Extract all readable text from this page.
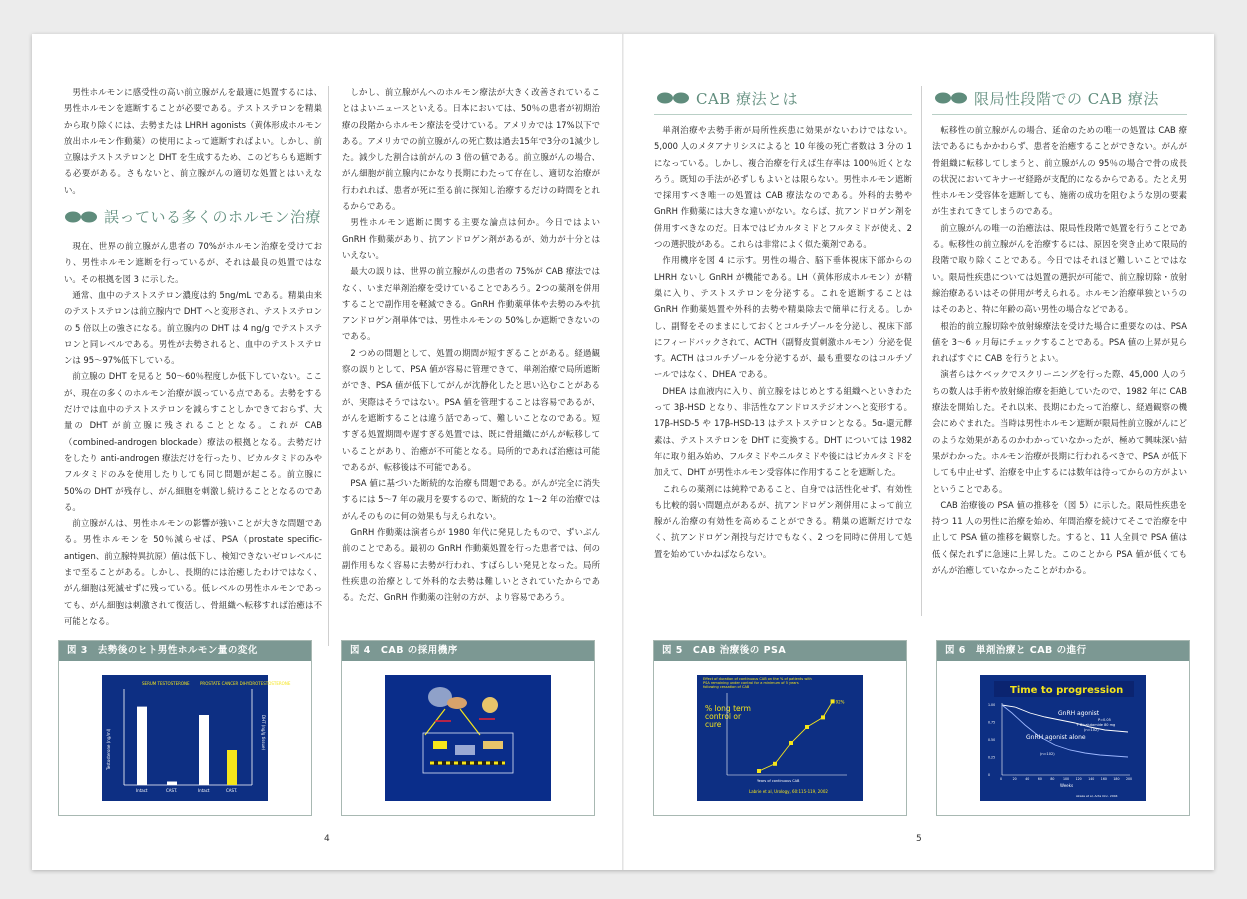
男性ホルモンに感受性の高い前立腺がんを最適に処置するには、男性ホルモンを遮断することが必要である。テストステロンを精巣から取り除くには、去勢または LHRH agonists（黄体形成ホルモン放出ホルモン作動薬）の使用によって遮断すればよい。しかし、前立腺はテストステロンと DHT を生成するため、このどちらも遮断する必要がある。さもないと、前立腺がんの適切な処置とはいえない。

誤っている多くのホルモン治療

現在、世界の前立腺がん患者の 70%がホルモン治療を受けており、男性ホルモン遮断を行っているが、それは最良の処置ではない。その根拠を図 3 に示した。

通常、血中のテストステロン濃度は約 5ng/mL である。精巣由来のテストステロンは前立腺内で DHT へと変形され、テストステロンの 5 倍以上の強さになる。前立腺内の DHT は 4 ng/g でテストステロンと同レベルである。男性が去勢されると、血中のテストステロンは 95〜97%低下している。

前立腺の DHT を見ると 50〜60％程度しか低下していない。ここが、現在の多くのホルモン治療が誤っている点である。去勢をするだけでは血中のテストステロンを減らすことしかできておらず、大量の DHT が前立腺に残されることとなる。これが CAB（combined-androgen blockade）療法の根拠となる。去勢だけをしたり anti-androgen 療法だけを行ったり、ビカルタミドのみやフルタミドのみを使用したりしても同じ問題が起こる。前立腺に 50%の DHT が残存し、がん細胞を刺激し続けることとなるのである。

前立腺がんは、男性ホルモンの影響が強いことが大きな問題である。男性ホルモンを 50％減らせば、PSA（prostate specific-antigen、前立腺特異抗原）値は低下し、検知できないゼロレベルにまで至ることがある。しかし、長期的には治癒したわけではなく、がん細胞は死滅せずに残っている。低レベルの男性ホルモンであっても、がん細胞は刺激されて復活し、骨組織へ転移すれば治癒は不可能となる。

しかし、前立腺がんへのホルモン療法が大きく改善されていることはよいニュースといえる。日本においては、50％の患者が初期治療の段階からホルモン療法を受けている。アメリカでは 17%以下である。アメリカでの前立腺がんの死亡数は過去15年で3分の1減少した。減少した割合は前がんの 3 倍の値である。前立腺がんの場合、がん細胞が前立腺内にかなり長期にわたって存在し、適切な治療が行われれば、患者が死に至る前に探知し治療するだけの時間をとれるからである。

男性ホルモン遮断に関する主要な論点は何か。今日ではよい GnRH 作動薬があり、抗アンドロゲン剤があるが、効力が十分とはいえない。

最大の誤りは、世界の前立腺がんの患者の 75%が CAB 療法ではなく、いまだ単剤治療を受けていることであろう。2つの薬剤を併用することで副作用を軽減できる。GnRH 作動薬単体や去勢のみや抗アンドロゲン剤単体では、男性ホルモンの 50%しか遮断できないのである。

2 つめの問題として、処置の期間が短すぎることがある。経過観察の誤りとして、PSA 値が容易に管理できて、単剤治療で局所遮断ができ、PSA 値が低下してがんが沈静化したと思い込むことがあるが、実際はそうではない。PSA 値を管理することは容易であるが、がんを遮断することは違う話であって、難しいことなのである。短すぎる処置期間や遅すぎる処置では、既に骨組織にがんが転移していることがあり、治癒が不可能となる。局所的であれば治癒は可能であるが、転移後は不可能である。

PSA 値に基づいた断続的な治療も問題である。がんが完全に消失するには 5〜7 年の歳月を要するので、断続的な 1〜2 年の治療ではがんそのものに何の効果も与えられない。

GnRH 作動薬は演者らが 1980 年代に発見したもので、ずいぶん前のことである。最初の GnRH 作動薬処置を行った患者では、何の副作用もなく容易に去勢が行われ、すばらしい発見となった。局所性疾患の治療として外科的な去勢は難しいとされていたからである。ただ、GnRH 作動薬の注射の方が、より容易であろう。

CAB 療法とは

単剤治療や去勢手術が局所性疾患に効果がないわけではない。5,000 人のメタアナリシスによると 10 年後の死亡者数は 3 分の 1 になっている。しかし、複合治療を行えば生存率は 100％近くとなろう。既知の手法が必ずしもよいとは限らない。男性ホルモン遮断で採用すべき唯一の処置は CAB 療法なのである。外科的去勢や GnRH 作動薬には大きな違いがない。ならば、抗アンドロゲン剤を併用すべきなのだ。日本ではビカルタミドとフルタミドが使え、2 つの選択肢がある。これらは非常によく似た薬剤である。

作用機序を図 4 に示す。男性の場合、脳下垂体視床下部からの LHRH ないし GnRH が機能である。LH（黄体形成ホルモン）が精巣に入り、テストステロンを分泌する。これを遮断することは GnRH 作動薬処置や外科的去勢や精巣除去で簡単に行える。しかし、副腎をそのままにしておくとコルチゾールを分泌し、視床下部にフィードバックされて、ACTH（副腎皮質刺激ホルモン）分泌を促す。ACTH はコルチゾールを分泌するが、最も重要なのはコルチゾールではなく、DHEA である。

DHEA は血液内に入り、前立腺をはじめとする組織へといきわたって 3β-HSD となり、非活性なアンドロステジオンへと変形する。17β-HSD-5 や 17β-HSD-13 はテストステロンとなる。5α-還元酵素は、テストステロンを DHT に変換する。DHT については 1982 年に取り組み始め、フルタミドやニルタミドや後にはビカルタミドを加えて、DHT が男性ホルモン受容体に作用することを遮断した。

これらの薬剤には純粋であること、自身では活性化せず、有効性も比較的弱い問題点があるが、抗アンドロゲン剤併用によって前立腺がん治療の有効性を高めることができる。精巣の遮断だけでなく、抗アンドロゲン剤投与だけでもなく、2 つを同時に併用して処置を始めていかねばならない。

限局性段階での CAB 療法

転移性の前立腺がんの場合、延命のための唯一の処置は CAB 療法であるにもかかわらず、患者を治癒することができない。がんが骨組織に転移してしまうと、前立腺がんの 95％の場合で骨の成長の状況においてキナーゼ経路が支配的になるからである。たとえ男性ホルモン受容体を遮断しても、施術の成功を阻むような別の要素が生まれてきてしまうのである。

前立腺がんの唯一の治癒法は、限局性段階で処置を行うことである。転移性の前立腺がんを治療するには、原因を突き止めて限局的段階で取り除くことである。今日ではそれほど難しいことではない。限局性疾患については処置の選択が可能で、前立腺切除・放射線治療あるいはその併用が考えられる。ホルモン治療単独というのはそのあと、特に年齢の高い男性の場合などである。

根治的前立腺切除や放射線療法を受けた場合に重要なのは、PSA 値を 3〜6 ヶ月毎にチェックすることである。PSA 値の上昇が見られればすぐに CAB を行うとよい。

演者らはケベックでスクリーニングを行った際、45,000 人のうちの数人は手術や放射線治療を拒絶していたので、1982 年に CAB 療法を開始した。それ以来、長期にわたって治療し、経過観察の機会にめぐまれた。当時は男性ホルモン遮断が限局性前立腺がんにどのような効果があるのかわかっていなかったが、極めて興味深い結果がわかった。ホルモン治療が長期に行われるべきで、PSA が低下しても中止せず、治療を中止するには数年は待ってからの方がよいということである。

CAB 治療後の PSA 値の推移を（図 5）に示した。限局性疾患を持つ 11 人の男性に治療を始め、年間治療を続けてそこで治療を中止して PSA 値の推移を観察した。すると、11 人全員で PSA 値は低く保たれずに急速に上昇した。このことから PSA 値が低くてもがんが治癒していなかったことがわかる。

図 3　去勢後のヒト男性ホルモン量の変化
SERUM TESTOSTERONE	PROSTATE CANCER DIHYDROTESTOSTERONE
Testosterone (ng/ml)	DHT (ng/g tissue)
Intact	CAST.	Intact	CAST.
図 4　CAB の採用機序	図 5　CAB 治療後の PSA
Effect of duration of continuous CAB on the % of patients with PSA remaining under control for a minimum of 5 years following cessation of CAB
% long term control or cure
Years of continuous CAB
Labrie et al, Urology, 60:115-119, 2002
92%
図 6　単剤治療と CAB の進行
Time to progression
GnRH agonist
P=0.05
+ Bicalutamide 80 mg
(n=102)
GnRH agonist alone
(n=102)
Weeks
Akaza et al, Acta Onc. 2004
0	20	40	60	80	100 120 140 160 180 200
1.00
0.75
0.50
0.25
0
4	5
